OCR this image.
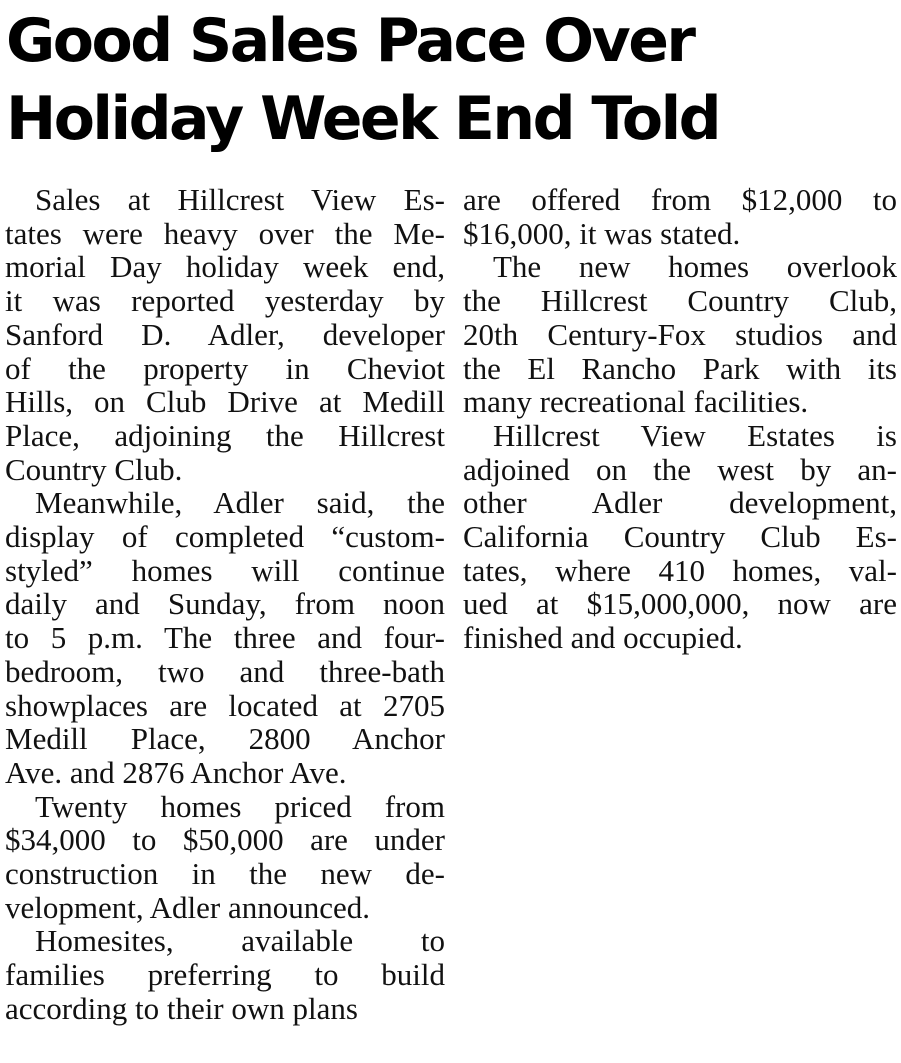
Good Sales Pace Over
Holiday Week End Told

Sales at Hillcrest View Es-
tates were heavy over the Me-
morial Day holiday week end,
it was reported yesterday by
Sanford D. Adler, developer
of the property in Cheviot
Hills, on Club Drive at Medill
Place, adjoining the Hillcrest
Country Club.

Meanwhile, Adler said, the
display of completed “custom-
styled” homes will continue
daily and Sunday, from noon
to 5 p.m. The three and four-
bedroom, two and three-bath
showplaces are located at 2705
Medill Place, 2800 Anchor
Ave. and 2876 Anchor Ave.

Twenty homes priced from
$34,000 to $50,000 are under
construction in the new de-
velopment, Adler announced.

Homesites, available to
families preferring to build
according to their own plans

are offered from $12,000 to
$16,000, it was stated.

The new homes overlook
the Hillcrest Country Club,
20th Century-Fox studios and
the El Rancho Park with its
many recreational facilities.

Hillcrest View Estates is
adjoined on the west by an-
other Adler development,
California Country Club Es-
tates, where 410 homes, val-
ued at $15,000,000, now are
finished and occupied.
